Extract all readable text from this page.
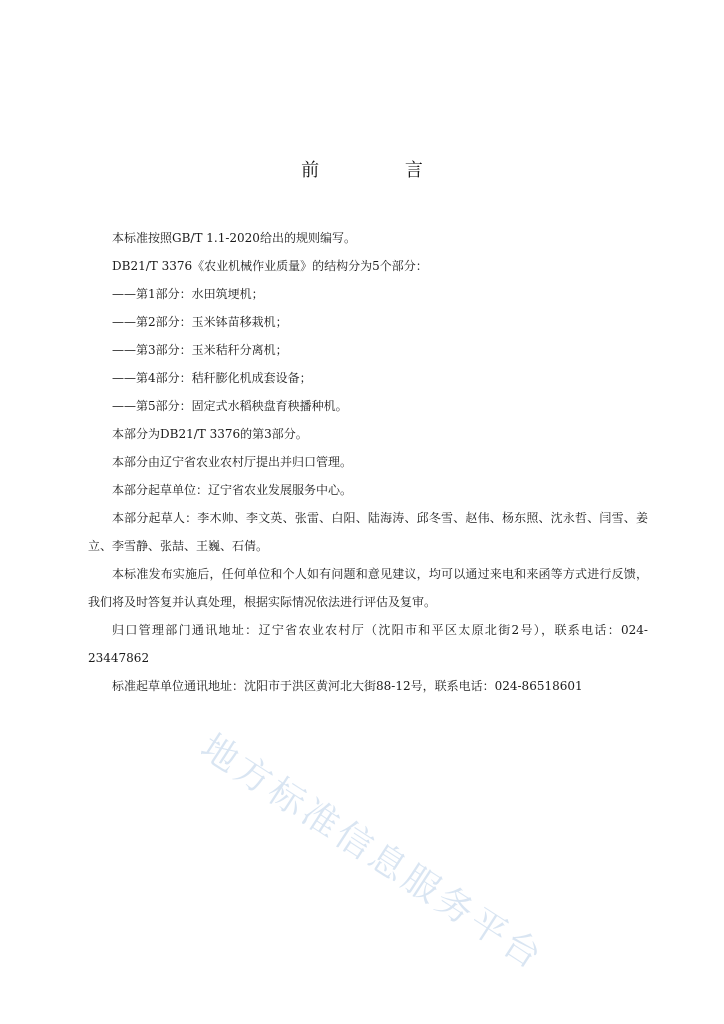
前 言

本标准按照GB/T 1.1-2020给出的规则编写。

DB21/T 3376《农业机械作业质量》的结构分为5个部分：

——第1部分：水田筑埂机；

——第2部分：玉米钵苗移栽机；

——第3部分：玉米秸秆分离机；

——第4部分：秸秆膨化机成套设备；

——第5部分：固定式水稻秧盘育秧播种机。

本部分为DB21/T 3376的第3部分。

本部分由辽宁省农业农村厅提出并归口管理。

本部分起草单位：辽宁省农业发展服务中心。

本部分起草人：李木帅、李文英、张雷、白阳、陆海涛、邱冬雪、赵伟、杨东照、沈永哲、闫雪、姜立、李雪静、张喆、王巍、石倩。

本标准发布实施后，任何单位和个人如有问题和意见建议，均可以通过来电和来函等方式进行反馈，我们将及时答复并认真处理，根据实际情况依法进行评估及复审。

归口管理部门通讯地址：辽宁省农业农村厅（沈阳市和平区太原北街2号），联系电话：024-23447862

标准起草单位通讯地址：沈阳市于洪区黄河北大街88-12号，联系电话：024-86518601

地方标准信息服务平台
